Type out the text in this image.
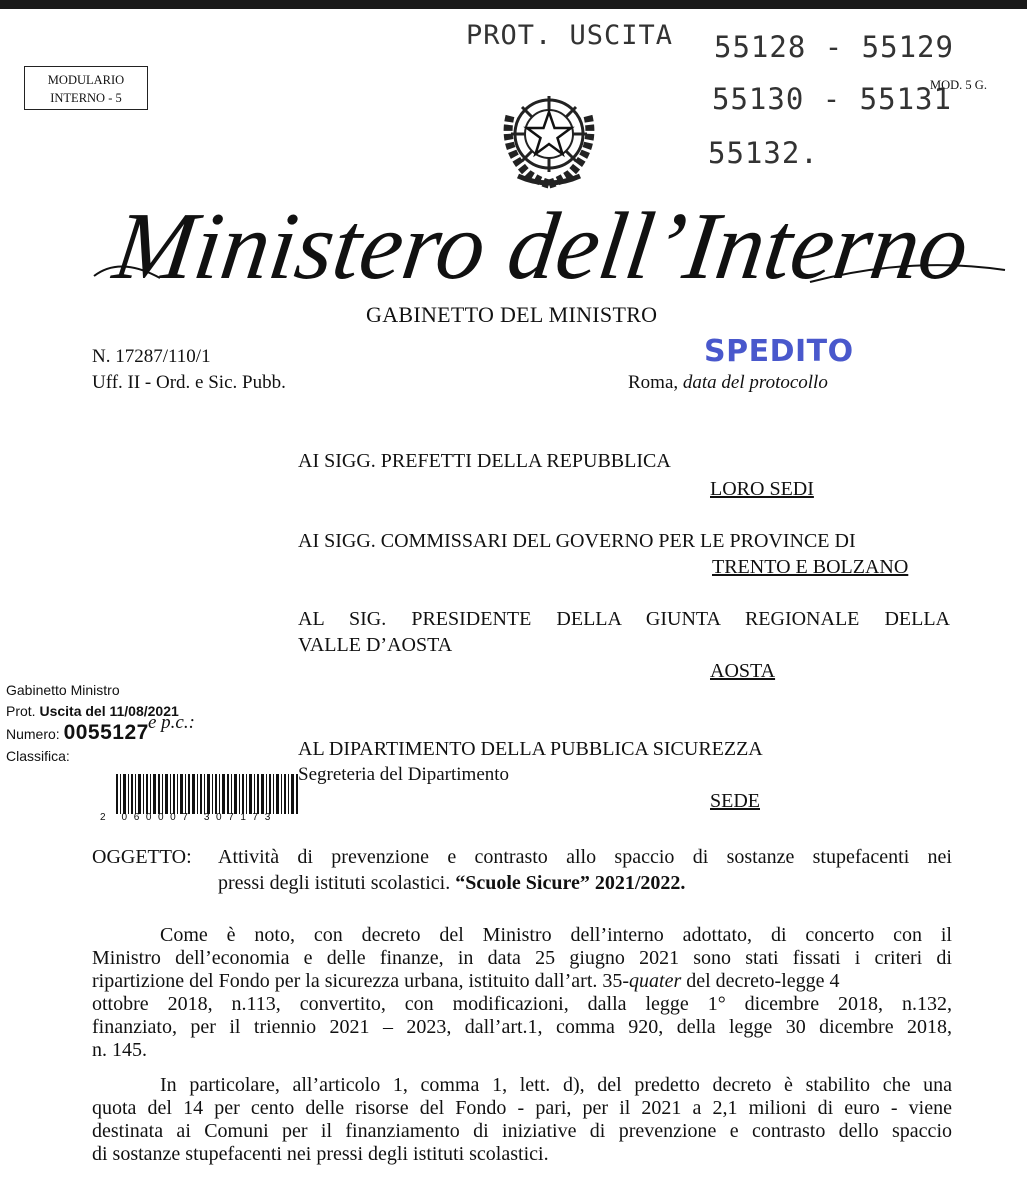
MODULARIO
INTERNO - 5
PROT. USCITA 55128 - 55129
55130 - 55131
55132.
MOD. 5 G.
Ministero dell’Interno
GABINETTO DEL MINISTRO
N. 17287/110/1
Uff. II - Ord. e Sic. Pubb.
SPEDITO
Roma, data del protocollo
AI SIGG. PREFETTI DELLA REPUBBLICA
LORO SEDI
AI SIGG. COMMISSARI DEL GOVERNO PER LE PROVINCE DI
TRENTO E BOLZANO
AL SIG. PRESIDENTE DELLA GIUNTA REGIONALE DELLA
VALLE D’AOSTA
AOSTA
e p.c.:
AL DIPARTIMENTO DELLA PUBBLICA SICUREZZA
Segreteria del Dipartimento
SEDE
Gabinetto Ministro
Prot. Uscita del 11/08/2021
Numero: 0055127
Classifica:
2 060007 307173
OGGETTO: Attività di prevenzione e contrasto allo spaccio di sostanze stupefacenti nei
pressi degli istituti scolastici. “Scuole Sicure” 2021/2022.
Come è noto, con decreto del Ministro dell’interno adottato, di concerto con il
Ministro dell’economia e delle finanze, in data 25 giugno 2021 sono stati fissati i criteri di
ripartizione del Fondo per la sicurezza urbana, istituito dall’art. 35-quater del decreto-legge 4
ottobre 2018, n.113, convertito, con modificazioni, dalla legge 1° dicembre 2018, n.132,
finanziato, per il triennio 2021 – 2023, dall’art.1, comma 920, della legge 30 dicembre 2018,
n. 145.
In particolare, all’articolo 1, comma 1, lett. d), del predetto decreto è stabilito che una
quota del 14 per cento delle risorse del Fondo - pari, per il 2021 a 2,1 milioni di euro - viene
destinata ai Comuni per il finanziamento di iniziative di prevenzione e contrasto dello spaccio
di sostanze stupefacenti nei pressi degli istituti scolastici.
